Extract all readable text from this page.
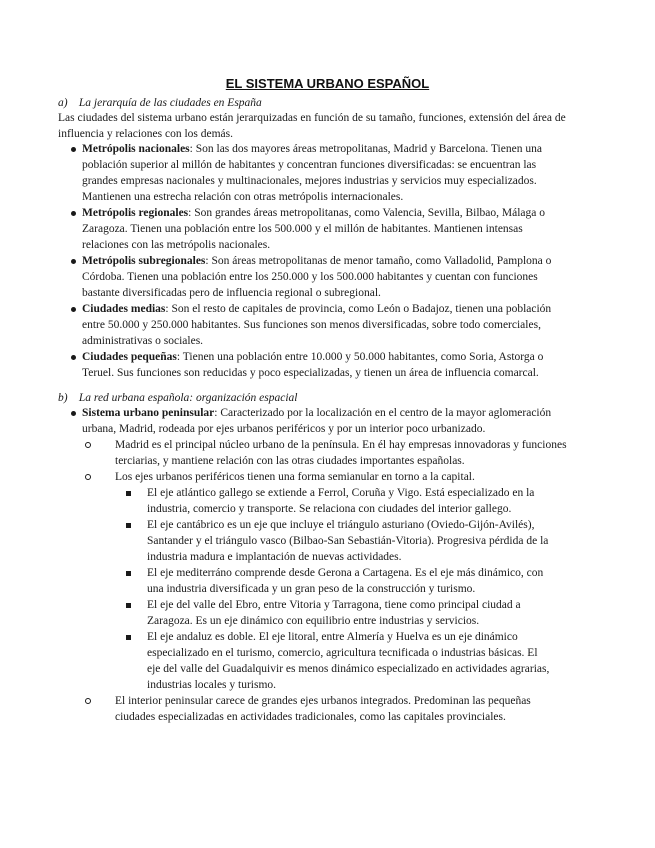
EL SISTEMA URBANO ESPAÑOL
a) La jerarquía de las ciudades en España
Las ciudades del sistema urbano están jerarquizadas en función de su tamaño, funciones, extensión del área de
influencia y relaciones con los demás.
Metrópolis nacionales: Son las dos mayores áreas metropolitanas, Madrid y Barcelona. Tienen una
población superior al millón de habitantes y concentran funciones diversificadas: se encuentran las
grandes empresas nacionales y multinacionales, mejores industrias y servicios muy especializados.
Mantienen una estrecha relación con otras metrópolis internacionales.
Metrópolis regionales: Son grandes áreas metropolitanas, como Valencia, Sevilla, Bilbao, Málaga o
Zaragoza. Tienen una población entre los 500.000 y el millón de habitantes. Mantienen intensas
relaciones con las metrópolis nacionales.
Metrópolis subregionales: Son áreas metropolitanas de menor tamaño, como Valladolid, Pamplona o
Córdoba. Tienen una población entre los 250.000 y los 500.000 habitantes y cuentan con funciones
bastante diversificadas pero de influencia regional o subregional.
Ciudades medias: Son el resto de capitales de provincia, como León o Badajoz, tienen una población
entre 50.000 y 250.000 habitantes. Sus funciones son menos diversificadas, sobre todo comerciales,
administrativas o sociales.
Ciudades pequeñas: Tienen una población entre 10.000 y 50.000 habitantes, como Soria, Astorga o
Teruel. Sus funciones son reducidas y poco especializadas, y tienen un área de influencia comarcal.
b) La red urbana española: organización espacial
Sistema urbano peninsular: Caracterizado por la localización en el centro de la mayor aglomeración
urbana, Madrid, rodeada por ejes urbanos periféricos y por un interior poco urbanizado.
Madrid es el principal núcleo urbano de la península. En él hay empresas innovadoras y funciones
terciarias, y mantiene relación con las otras ciudades importantes españolas.
Los ejes urbanos periféricos tienen una forma semianular en torno a la capital.
El eje atlántico gallego se extiende a Ferrol, Coruña y Vigo. Está especializado en la
industria, comercio y transporte. Se relaciona con ciudades del interior gallego.
El eje cantábrico es un eje que incluye el triángulo asturiano (Oviedo-Gijón-Avilés),
Santander y el triángulo vasco (Bilbao-San Sebastián-Vitoria). Progresiva pérdida de la
industria madura e implantación de nuevas actividades.
El eje mediterráno comprende desde Gerona a Cartagena. Es el eje más dinámico, con
una industria diversificada y un gran peso de la construcción y turismo.
El eje del valle del Ebro, entre Vitoria y Tarragona, tiene como principal ciudad a
Zaragoza. Es un eje dinámico con equilibrio entre industrias y servicios.
El eje andaluz es doble. El eje litoral, entre Almería y Huelva es un eje dinámico
especializado en el turismo, comercio, agricultura tecnificada o industrias básicas. El
eje del valle del Guadalquivir es menos dinámico especializado en actividades agrarias,
industrias locales y turismo.
El interior peninsular carece de grandes ejes urbanos integrados. Predominan las pequeñas
ciudades especializadas en actividades tradicionales, como las capitales provinciales.
